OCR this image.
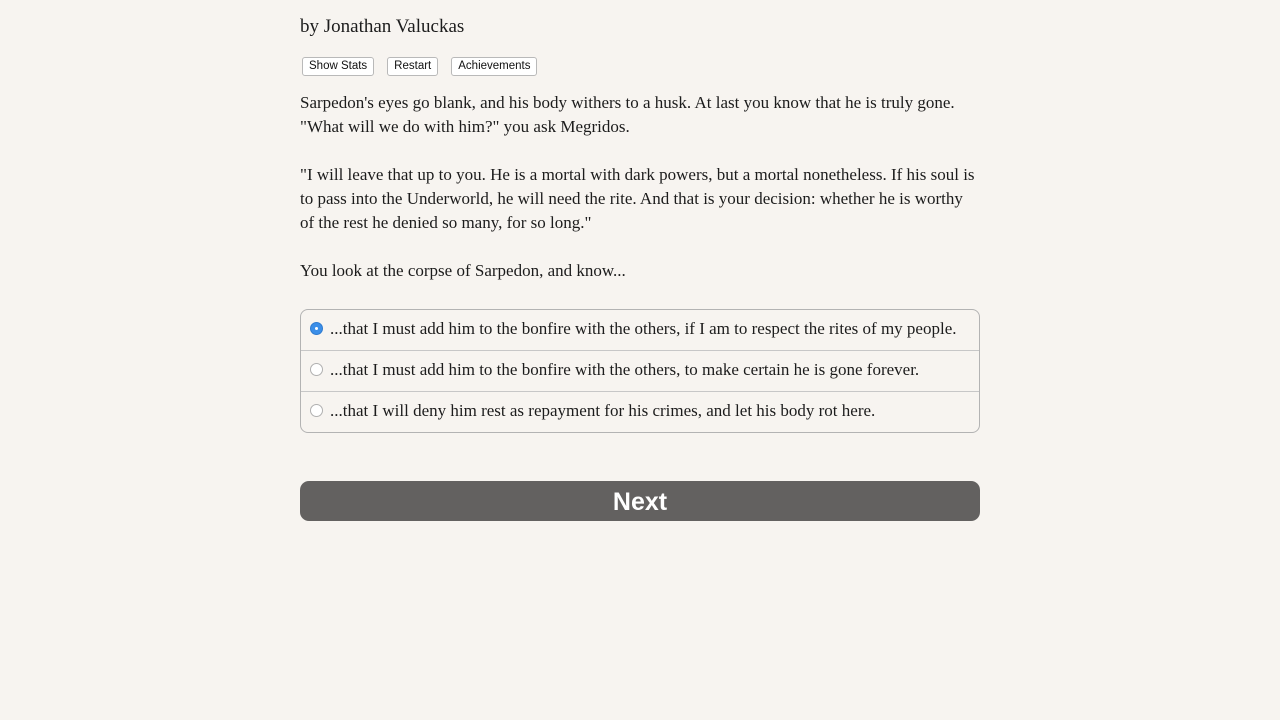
by Jonathan Valuckas
Show Stats	Restart	Achievements

Sarpedon's eyes go blank, and his body withers to a husk. At last you know that he is truly gone. "What will we do with him?" you ask Megridos.

"I will leave that up to you. He is a mortal with dark powers, but a mortal nonetheless. If his soul is to pass into the Underworld, he will need the rite. And that is your decision: whether he is worthy of the rest he denied so many, for so long."

You look at the corpse of Sarpedon, and know...

...that I must add him to the bonfire with the others, if I am to respect the rites of my people.
...that I must add him to the bonfire with the others, to make certain he is gone forever.
...that I will deny him rest as repayment for his crimes, and let his body rot here.
Next
